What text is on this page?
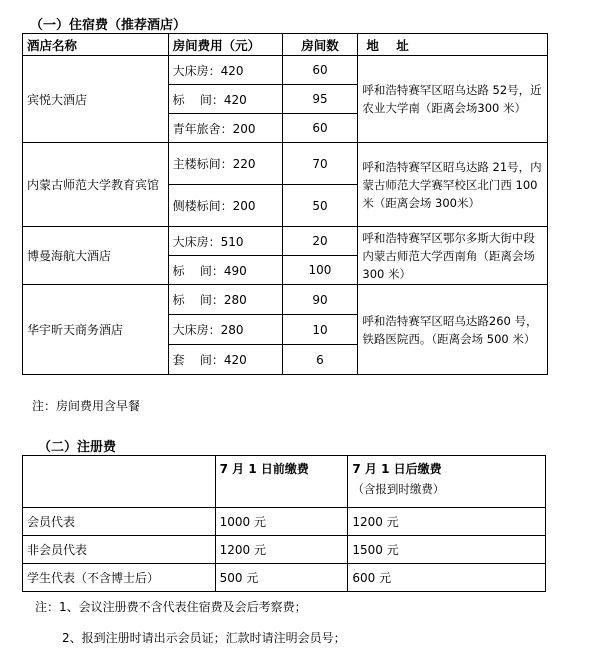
（一）住宿费（推荐酒店）
酒店名称	房间费用（元）	房间数	地    址
宾悦大酒店	大床房：420	60	呼和浩特赛罕区昭乌达路 52号，近农业大学南（距离会场300 米）
	标    间：420	95	
	青年旅舍：200	60	
内蒙古师范大学教育宾馆	主楼标间：220	70	呼和浩特赛罕区昭乌达路 21号，内蒙古师范大学赛罕校区北门西 100 米（距离会场 300米）
	侧楼标间：200	50	
博曼海航大酒店	大床房：510	20	呼和浩特赛罕区鄂尔多斯大街中段内蒙古师范大学西南角（距离会场 300 米）
	标    间：490	100	
华宇昕天商务酒店	标    间：280	90	呼和浩特赛罕区昭乌达路260 号，铁路医院西。（距离会场 500 米）
	大床房：280	10	
	套    间：420	6	
注：房间费用含早餐
（二）注册费
	7 月 1 日前缴费	7 月 1 日后缴费
（含报到时缴费）

会员代表	1000 元	1200 元
非会员代表	1200 元	1500 元
学生代表（不含博士后）	500 元	600 元
注：1、会议注册费不含代表住宿费及会后考察费；
2、报到注册时请出示会员证；汇款时请注明会员号；
